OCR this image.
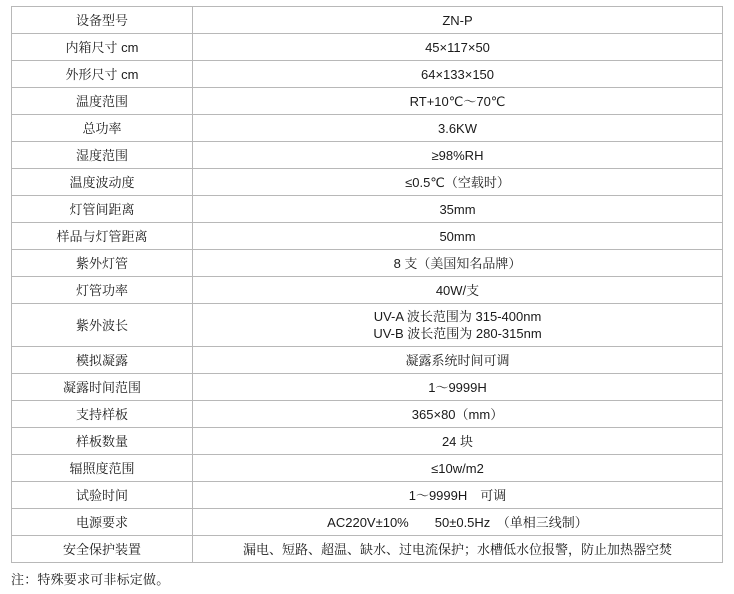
设备型号	ZN-P

内箱尺寸 cm	45×117×50

外形尺寸 cm	64×133×150

温度范围	RT+10℃～70℃

总功率	3.6KW

湿度范围	≥98%RH

温度波动度	≤0.5℃（空载时）

灯管间距离	35mm

样品与灯管距离	50mm

紫外灯管	8 支（美国知名品牌）

灯管功率	40W/支

紫外波长	UV-A 波长范围为 315-400nm
UV-B 波长范围为 280-315nm

模拟凝露	凝露系统时间可调

凝露时间范围	1～9999H

支持样板	365×80（mm）

样板数量	24 块

辐照度范围	≤10w/m2

试验时间	1～9999H　可调

电源要求	AC220V±10%　　50±0.5Hz　（单相三线制）

安全保护装置	漏电、短路、超温、缺水、过电流保护；水槽低水位报警，防止加热器空焚
注：特殊要求可非标定做。
